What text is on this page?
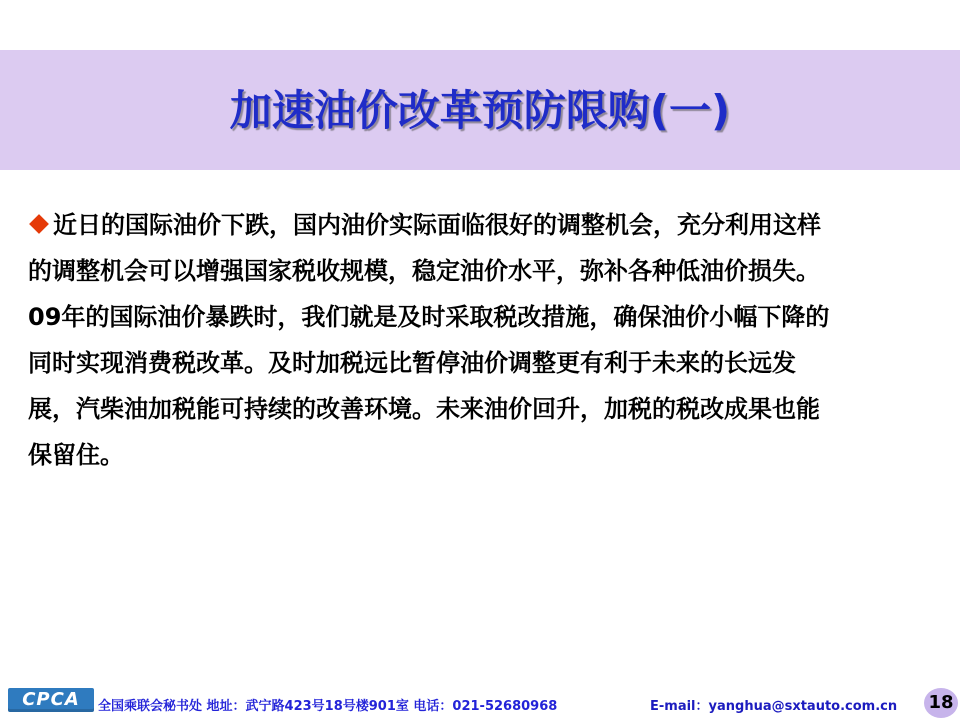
加速油价改革预防限购(一)
近日的国际油价下跌，国内油价实际面临很好的调整机会，充分利用这样
的调整机会可以增强国家税收规模，稳定油价水平，弥补各种低油价损失。
09年的国际油价暴跌时，我们就是及时采取税改措施，确保油价小幅下降的
同时实现消费税改革。及时加税远比暂停油价调整更有利于未来的长远发
展，汽柴油加税能可持续的改善环境。未来油价回升，加税的税改成果也能
保留住。
CPCA	全国乘联会秘书处 地址：武宁路423号18号楼901室 电话：021-52680968	E-mail：yanghua@sxtauto.com.cn 18
